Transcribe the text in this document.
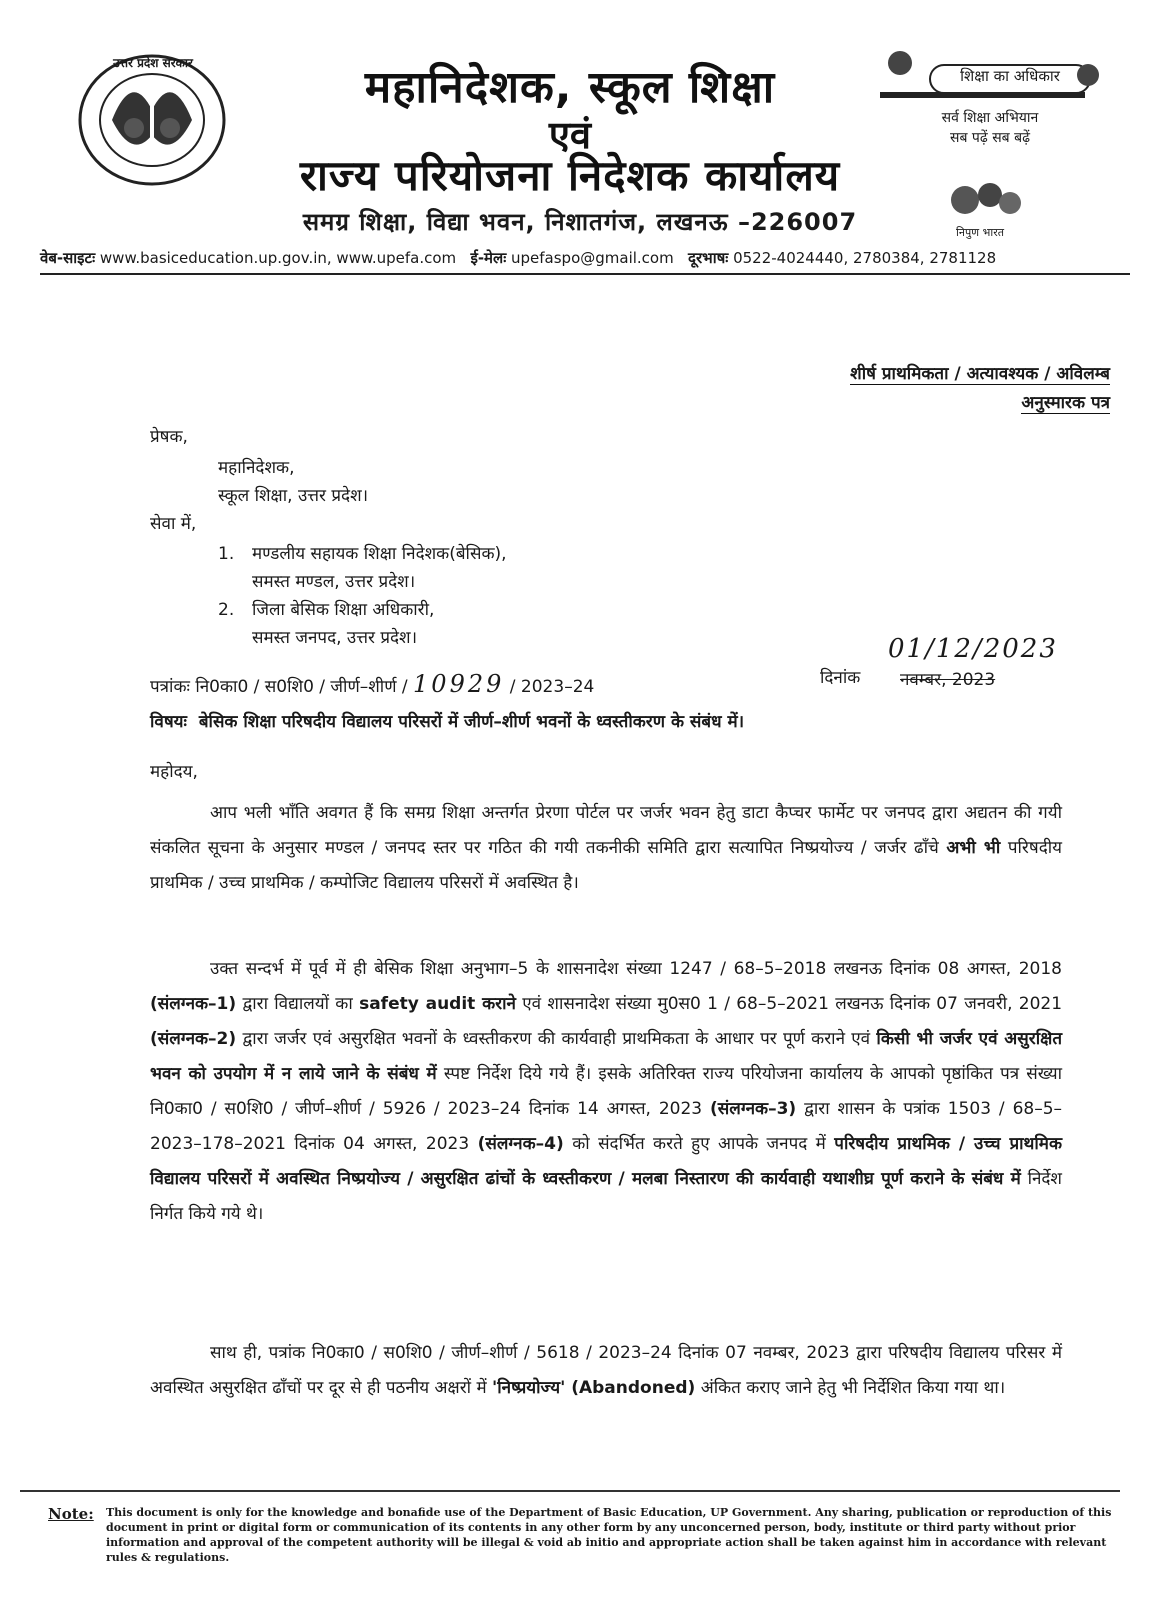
उत्तर प्रदेश सरकार	महानिदेशक, स्कूल शिक्षा
एवं
राज्य परियोजना निदेशक कार्यालय
समग्र शिक्षा, विद्या भवन, निशातगंज, लखनऊ –226007
शिक्षा का अधिकार
सर्व शिक्षा अभियान
सब पढ़ें सब बढ़ें
निपुण भारत
वेब-साइटः www.basiceducation.up.gov.in, www.upefa.com ई-मेलः upefaspo@gmail.com दूरभाषः 0522-4024440, 2780384, 2781128
शीर्ष प्राथमिकता / अत्यावश्यक / अविलम्ब
अनुस्मारक पत्र
प्रेषक,
महानिदेशक,
स्कूल शिक्षा, उत्तर प्रदेश।
सेवा में,
1. मण्डलीय सहायक शिक्षा निदेशक(बेसिक),
समस्त मण्डल, उत्तर प्रदेश।
2. जिला बेसिक शिक्षा अधिकारी,
समस्त जनपद, उत्तर प्रदेश।
पत्रांकः नि0का0 / स0शि0 / जीर्ण–शीर्ण / 10929 / 2023–24	दिनांक
01/12/2023
नवम्बर, 2023
विषयः बेसिक शिक्षा परिषदीय विद्यालय परिसरों में जीर्ण–शीर्ण भवनों के ध्वस्तीकरण के संबंध में।
महोदय,
आप भली भाँति अवगत हैं कि समग्र शिक्षा अन्तर्गत प्रेरणा पोर्टल पर जर्जर भवन हेतु डाटा कैप्चर फार्मेट पर जनपद द्वारा अद्यतन की गयी संकलित सूचना के अनुसार मण्डल / जनपद स्तर पर गठित की गयी तकनीकी समिति द्वारा सत्यापित निष्प्रयोज्य / जर्जर ढाँचे अभी भी परिषदीय प्राथमिक / उच्च प्राथमिक / कम्पोजिट विद्यालय परिसरों में अवस्थित है।
उक्त सन्दर्भ में पूर्व में ही बेसिक शिक्षा अनुभाग–5 के शासनादेश संख्या 1247 / 68–5–2018 लखनऊ दिनांक 08 अगस्त, 2018 (संलग्नक–1) द्वारा विद्यालयों का safety audit कराने एवं शासनादेश संख्या मु0स0 1 / 68–5–2021 लखनऊ दिनांक 07 जनवरी, 2021 (संलग्नक–2) द्वारा जर्जर एवं असुरक्षित भवनों के ध्वस्तीकरण की कार्यवाही प्राथमिकता के आधार पर पूर्ण कराने एवं किसी भी जर्जर एवं असुरक्षित भवन को उपयोग में न लाये जाने के संबंध में स्पष्ट निर्देश दिये गये हैं। इसके अतिरिक्त राज्य परियोजना कार्यालय के आपको पृष्ठांकित पत्र संख्या नि0का0 / स0शि0 / जीर्ण–शीर्ण / 5926 / 2023–24 दिनांक 14 अगस्त, 2023 (संलग्नक–3) द्वारा शासन के पत्रांक 1503 / 68–5–2023–178–2021 दिनांक 04 अगस्त, 2023 (संलग्नक–4) को संदर्भित करते हुए आपके जनपद में परिषदीय प्राथमिक / उच्च प्राथमिक विद्यालय परिसरों में अवस्थित निष्प्रयोज्य / असुरक्षित ढांचों के ध्वस्तीकरण / मलबा निस्तारण की कार्यवाही यथाशीघ्र पूर्ण कराने के संबंध में निर्देश निर्गत किये गये थे।
साथ ही, पत्रांक नि0का0 / स0शि0 / जीर्ण–शीर्ण / 5618 / 2023–24 दिनांक 07 नवम्बर, 2023 द्वारा परिषदीय विद्यालय परिसर में अवस्थित असुरक्षित ढाँचों पर दूर से ही पठनीय अक्षरों में 'निष्प्रयोज्य' (Abandoned) अंकित कराए जाने हेतु भी निर्देशित किया गया था।
Note: This document is only for the knowledge and bonafide use of the Department of Basic Education, UP Government. Any sharing, publication or reproduction of this document in print or digital form or communication of its contents in any other form by any unconcerned person, body, institute or third party without prior information and approval of the competent authority will be illegal & void ab initio and appropriate action shall be taken against him in accordance with relevant rules & regulations.
